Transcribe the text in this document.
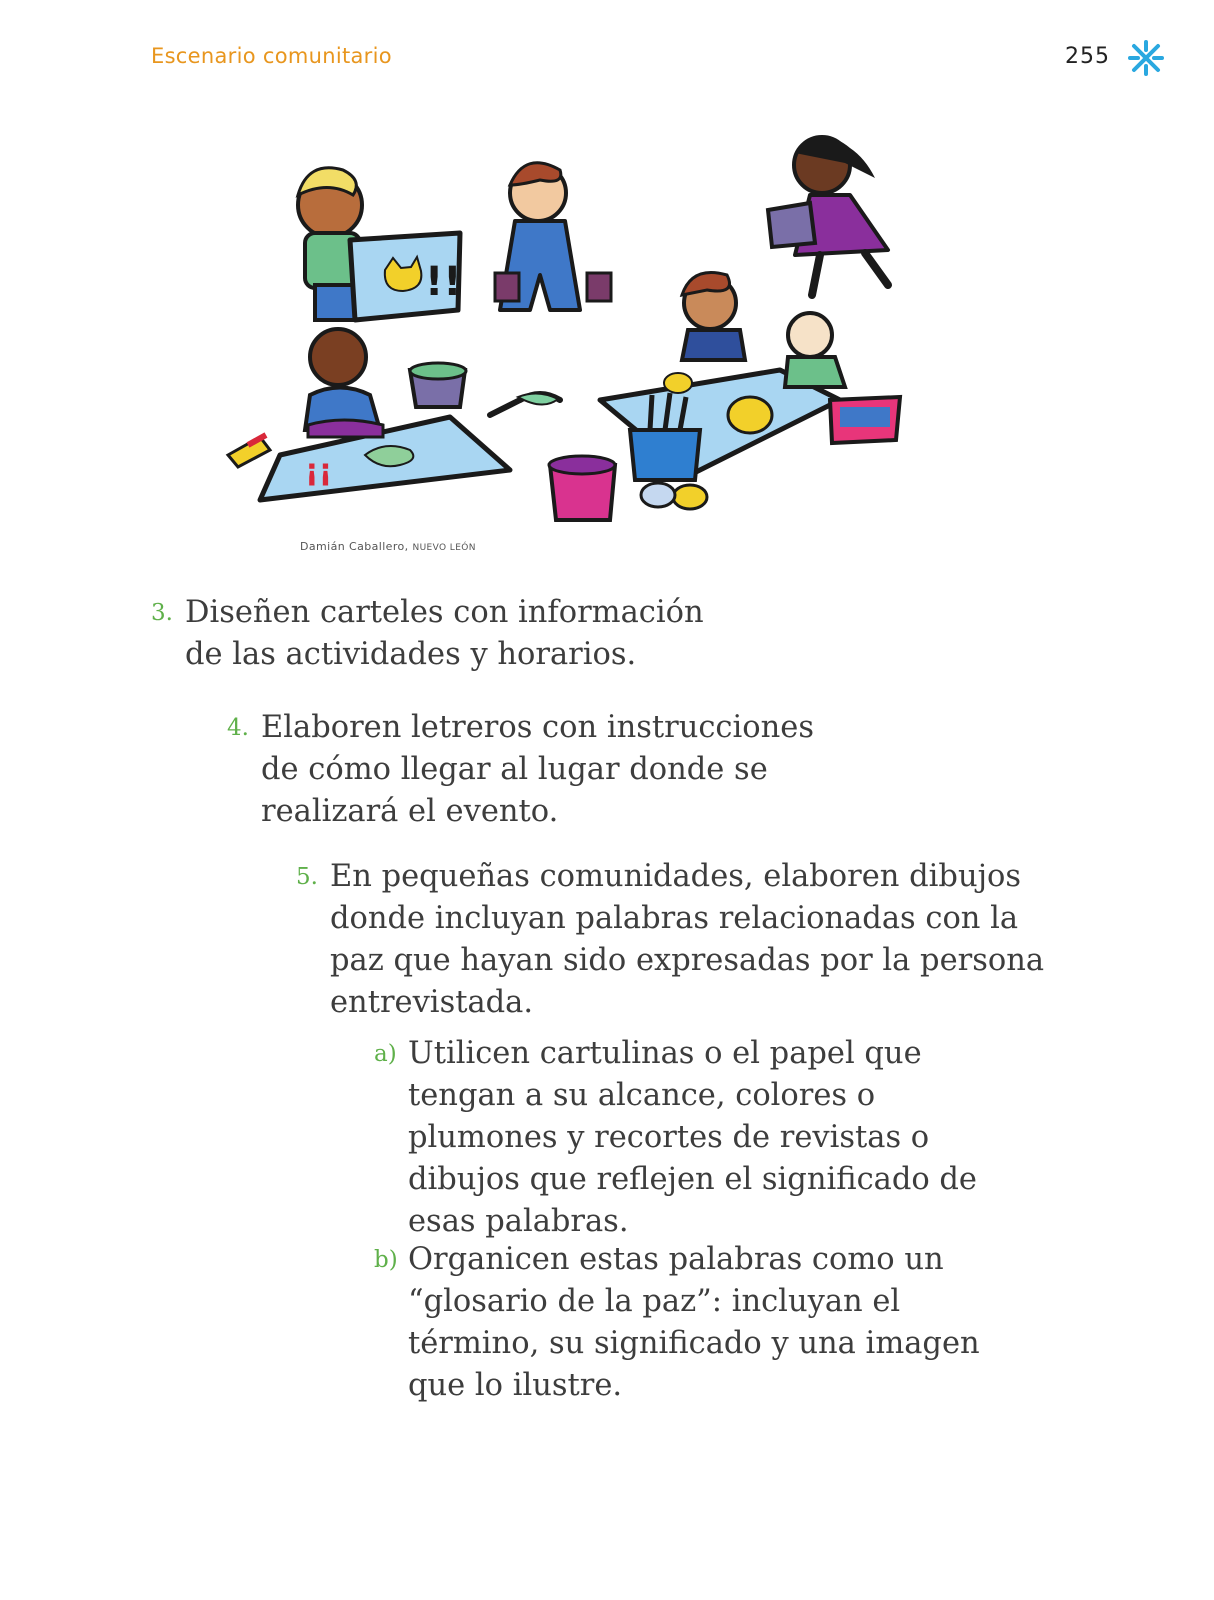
Escenario comunitario	255
¡¡
!!
Damián Caballero, NUEVO LEÓN
3. Diseñen carteles con información
de las actividades y horarios.
4. Elaboren letreros con instrucciones
de cómo llegar al lugar donde se
realizará el evento.
5. En pequeñas comunidades, elaboren dibujos
donde incluyan palabras relacionadas con la
paz que hayan sido expresadas por la persona
entrevistada.
a) Utilicen cartulinas o el papel que
tengan a su alcance, colores o
plumones y recortes de revistas o
dibujos que reflejen el significado de
esas palabras.
b) Organicen estas palabras como un
“glosario de la paz”: incluyan el
término, su significado y una imagen
que lo ilustre.
